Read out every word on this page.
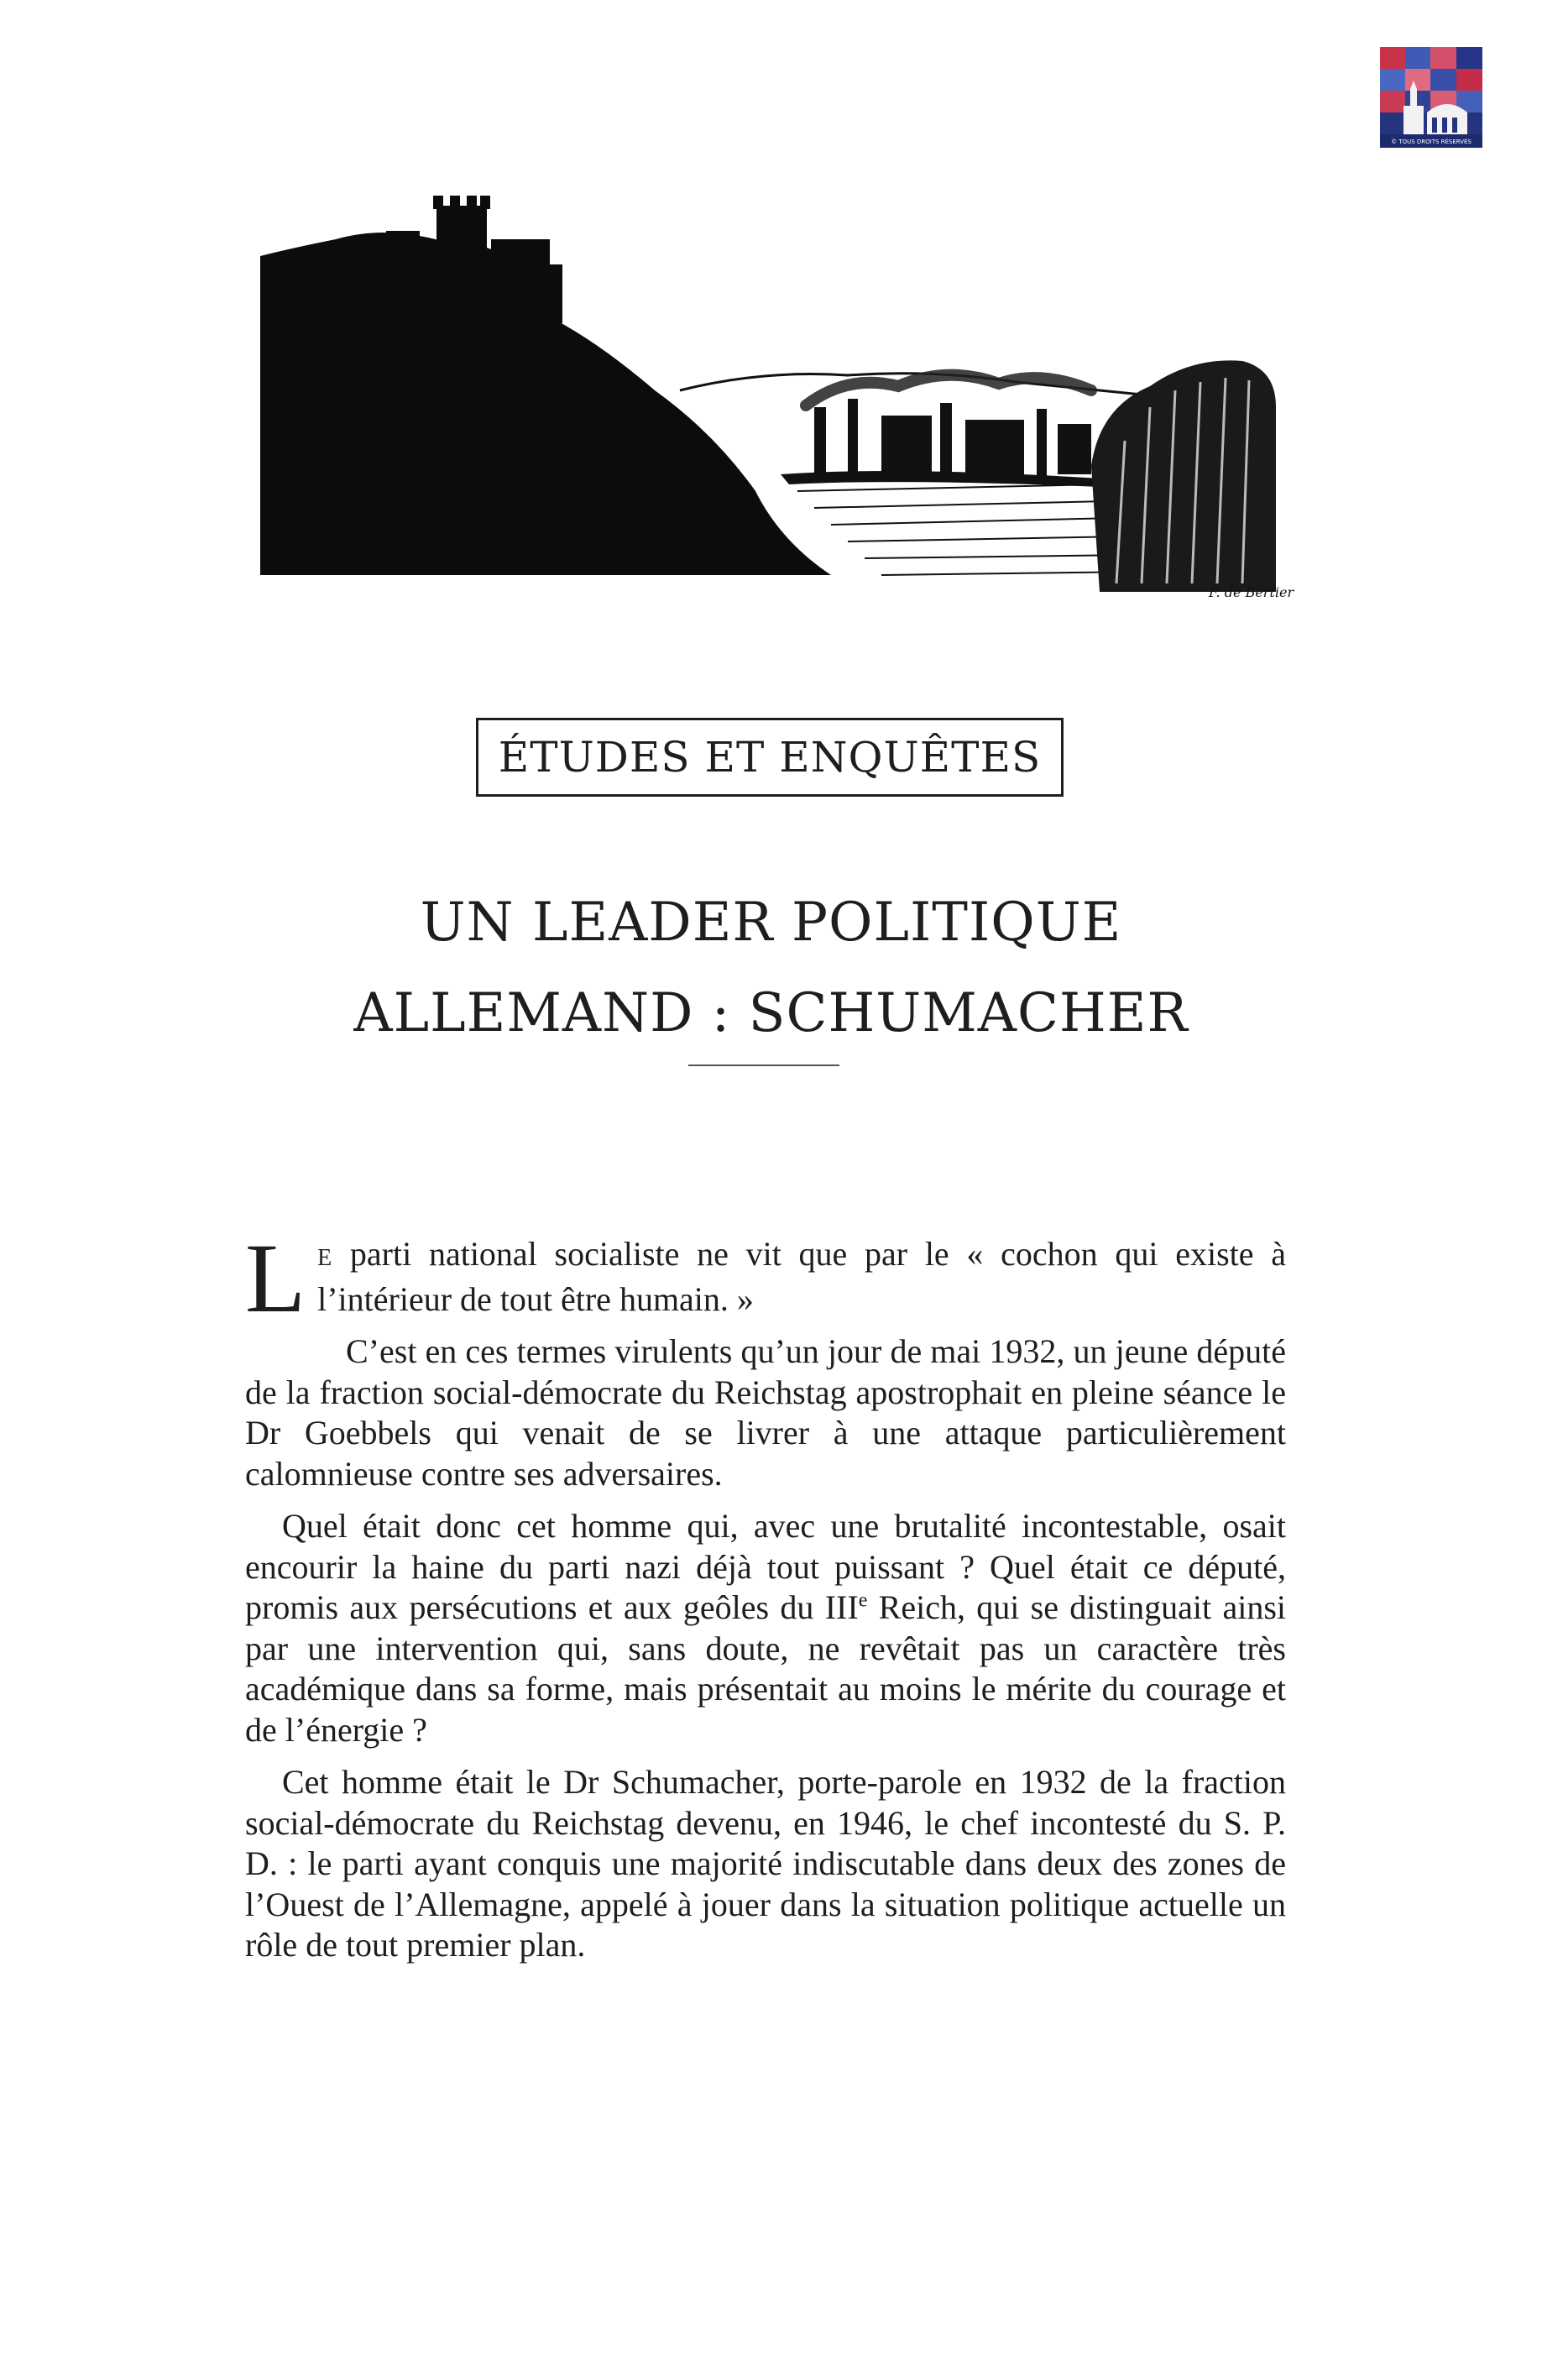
© TOUS DROITS RÉSERVÉS
F. de Bertier
ÉTUDES ET ENQUÊTES
UN LEADER POLITIQUE
ALLEMAND : SCHUMACHER

L E parti national socialiste ne vit que par le « cochon qui existe à l’intérieur de tout être humain. »

C’est en ces termes virulents qu’un jour de mai 1932, un jeune député de la fraction social-démocrate du Reichstag apostrophait en pleine séance le Dr Goebbels qui venait de se livrer à une attaque particulièrement calomnieuse contre ses adversaires.

Quel était donc cet homme qui, avec une brutalité incontestable, osait encourir la haine du parti nazi déjà tout puissant ? Quel était ce député, promis aux persécutions et aux geôles du IIIe Reich, qui se distinguait ainsi par une intervention qui, sans doute, ne revêtait pas un caractère très académique dans sa forme, mais présentait au moins le mérite du courage et de l’énergie ?

Cet homme était le Dr Schumacher, porte-parole en 1932 de la fraction social-démocrate du Reichstag devenu, en 1946, le chef incontesté du S. P. D. : le parti ayant conquis une majorité indiscutable dans deux des zones de l’Ouest de l’Allemagne, appelé à jouer dans la situation politique actuelle un rôle de tout premier plan.
